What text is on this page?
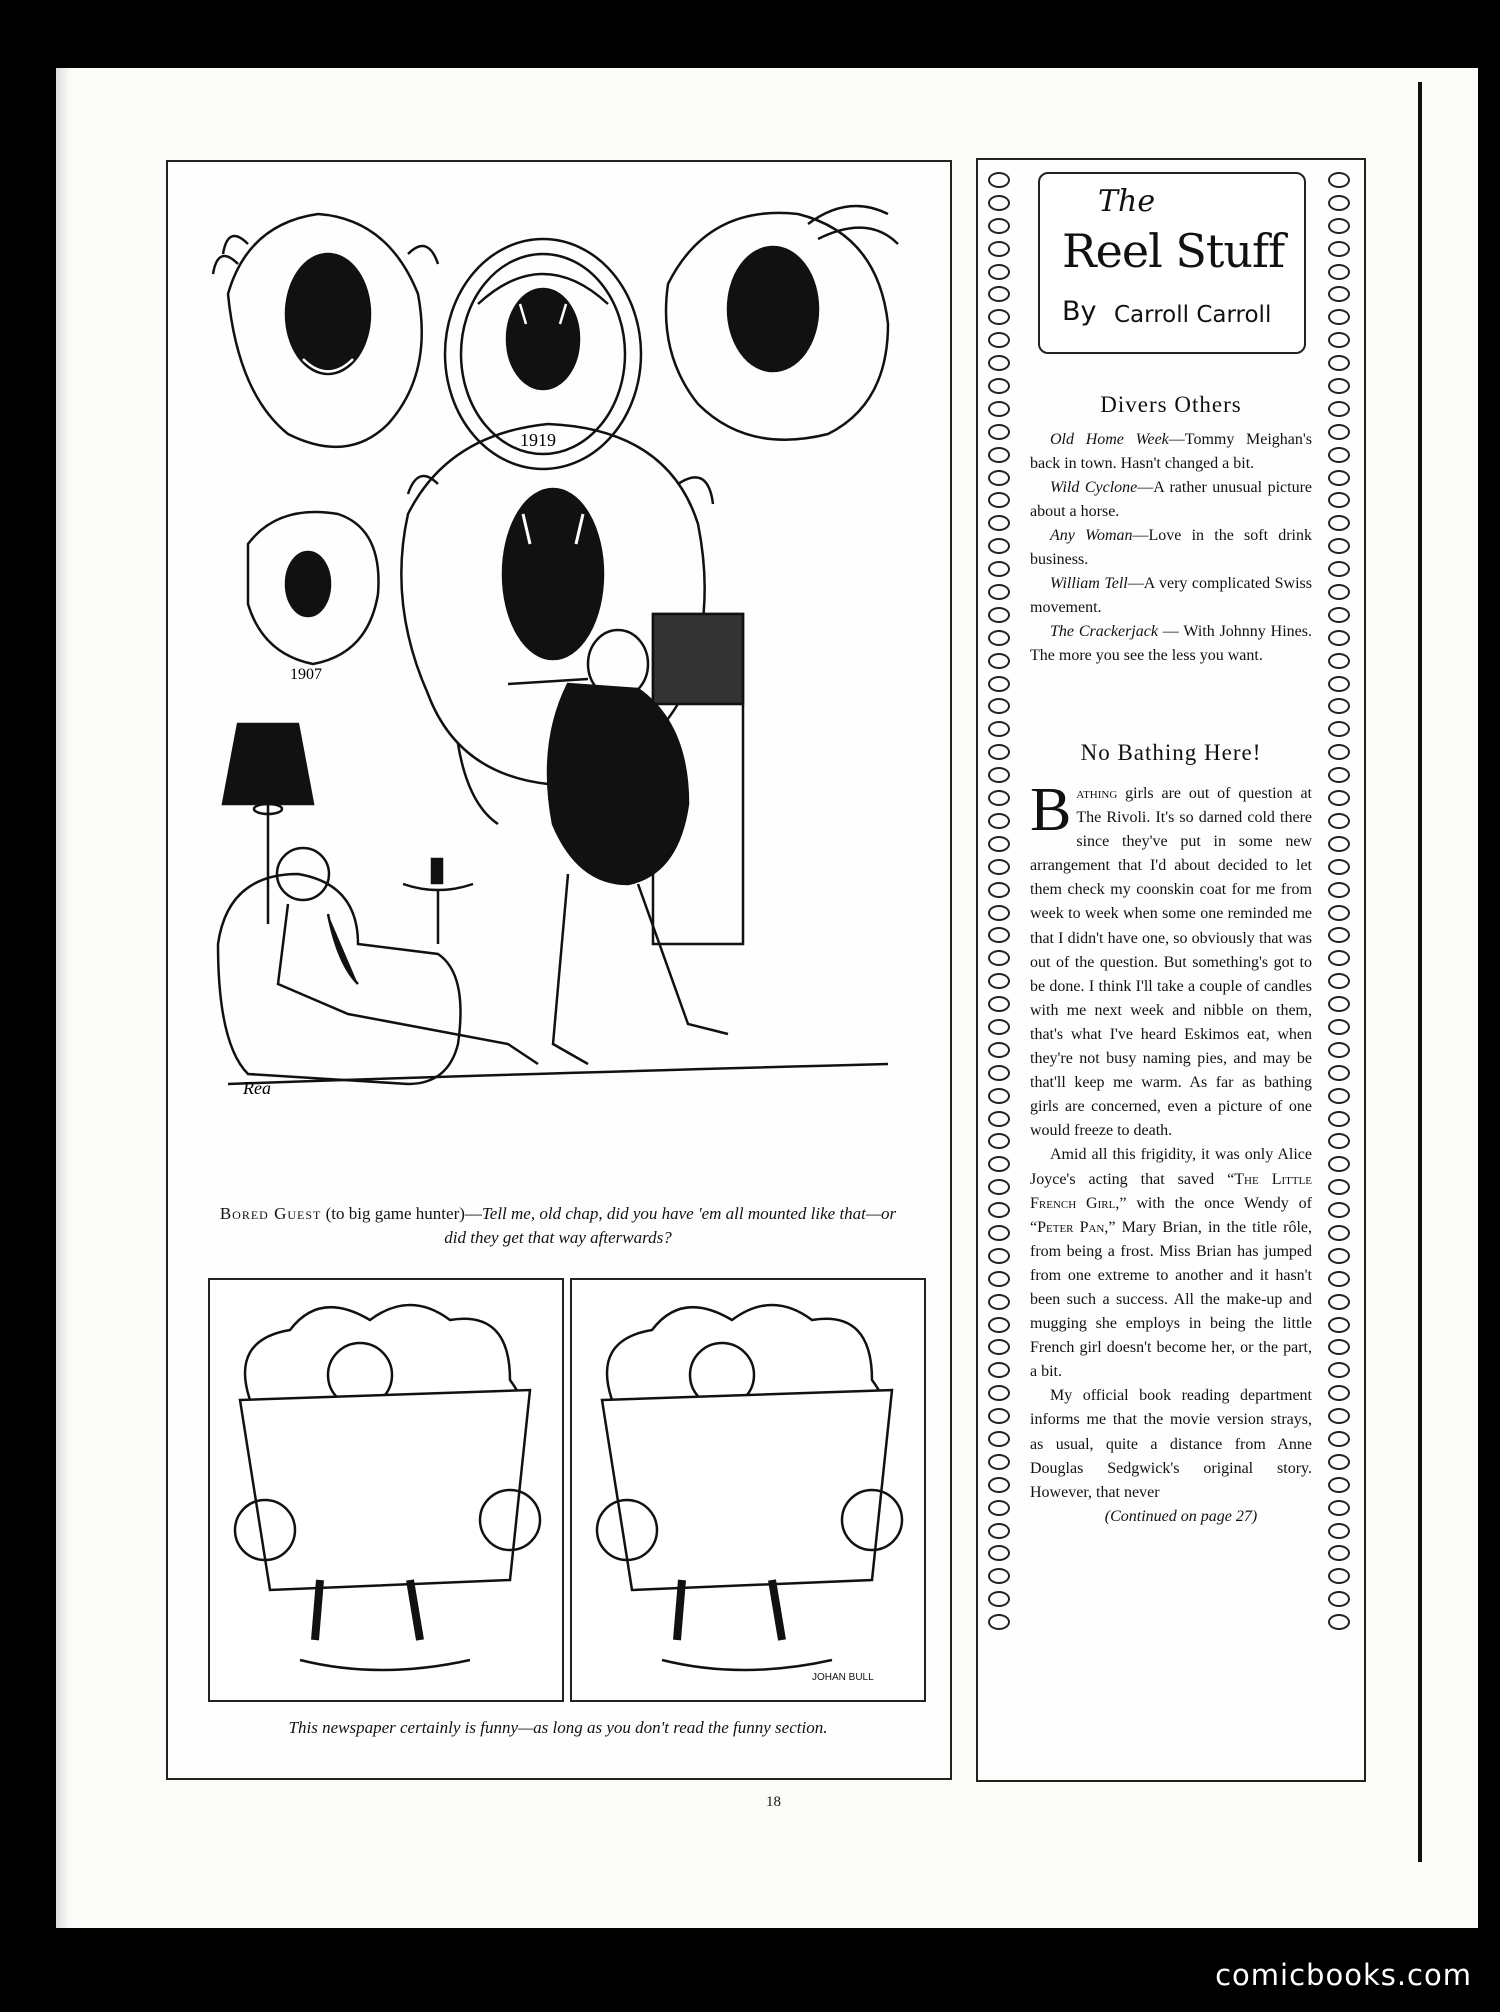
1919
1907
Rea
Bored Guest (to big game hunter)—Tell me, old chap, did you have 'em all mounted like that—or did they get that way afterwards?
JOHAN BULL
This newspaper certainly is funny—as long as you don't read the funny section.
18
The
Reel Stuff
By Carroll Carroll
Divers Others

Old Home Week—Tommy Meighan's back in town. Hasn't changed a bit.

Wild Cyclone—A rather unusual picture about a horse.

Any Woman—Love in the soft drink business.

William Tell—A very complicated Swiss movement.

The Crackerjack — With Johnny Hines. The more you see the less you want.

No Bathing Here!

Bathing girls are out of question at The Rivoli. It's so darned cold there since they've put in some new arrangement that I'd about decided to let them check my coonskin coat for me from week to week when some one reminded me that I didn't have one, so obviously that was out of the question. But something's got to be done. I think I'll take a couple of candles with me next week and nibble on them, that's what I've heard Eskimos eat, when they're not busy naming pies, and may be that'll keep me warm. As far as bathing girls are concerned, even a picture of one would freeze to death.

Amid all this frigidity, it was only Alice Joyce's acting that saved “The Little French Girl,” with the once Wendy of “Peter Pan,” Mary Brian, in the title rôle, from being a frost. Miss Brian has jumped from one extreme to another and it hasn't been such a success. All the make-up and mugging she employs in being the little French girl doesn't become her, or the part, a bit.

My official book reading department informs me that the movie version strays, as usual, quite a distance from Anne Douglas Sedgwick's original story. However, that never

(Continued on page 27)

comicbooks.com
